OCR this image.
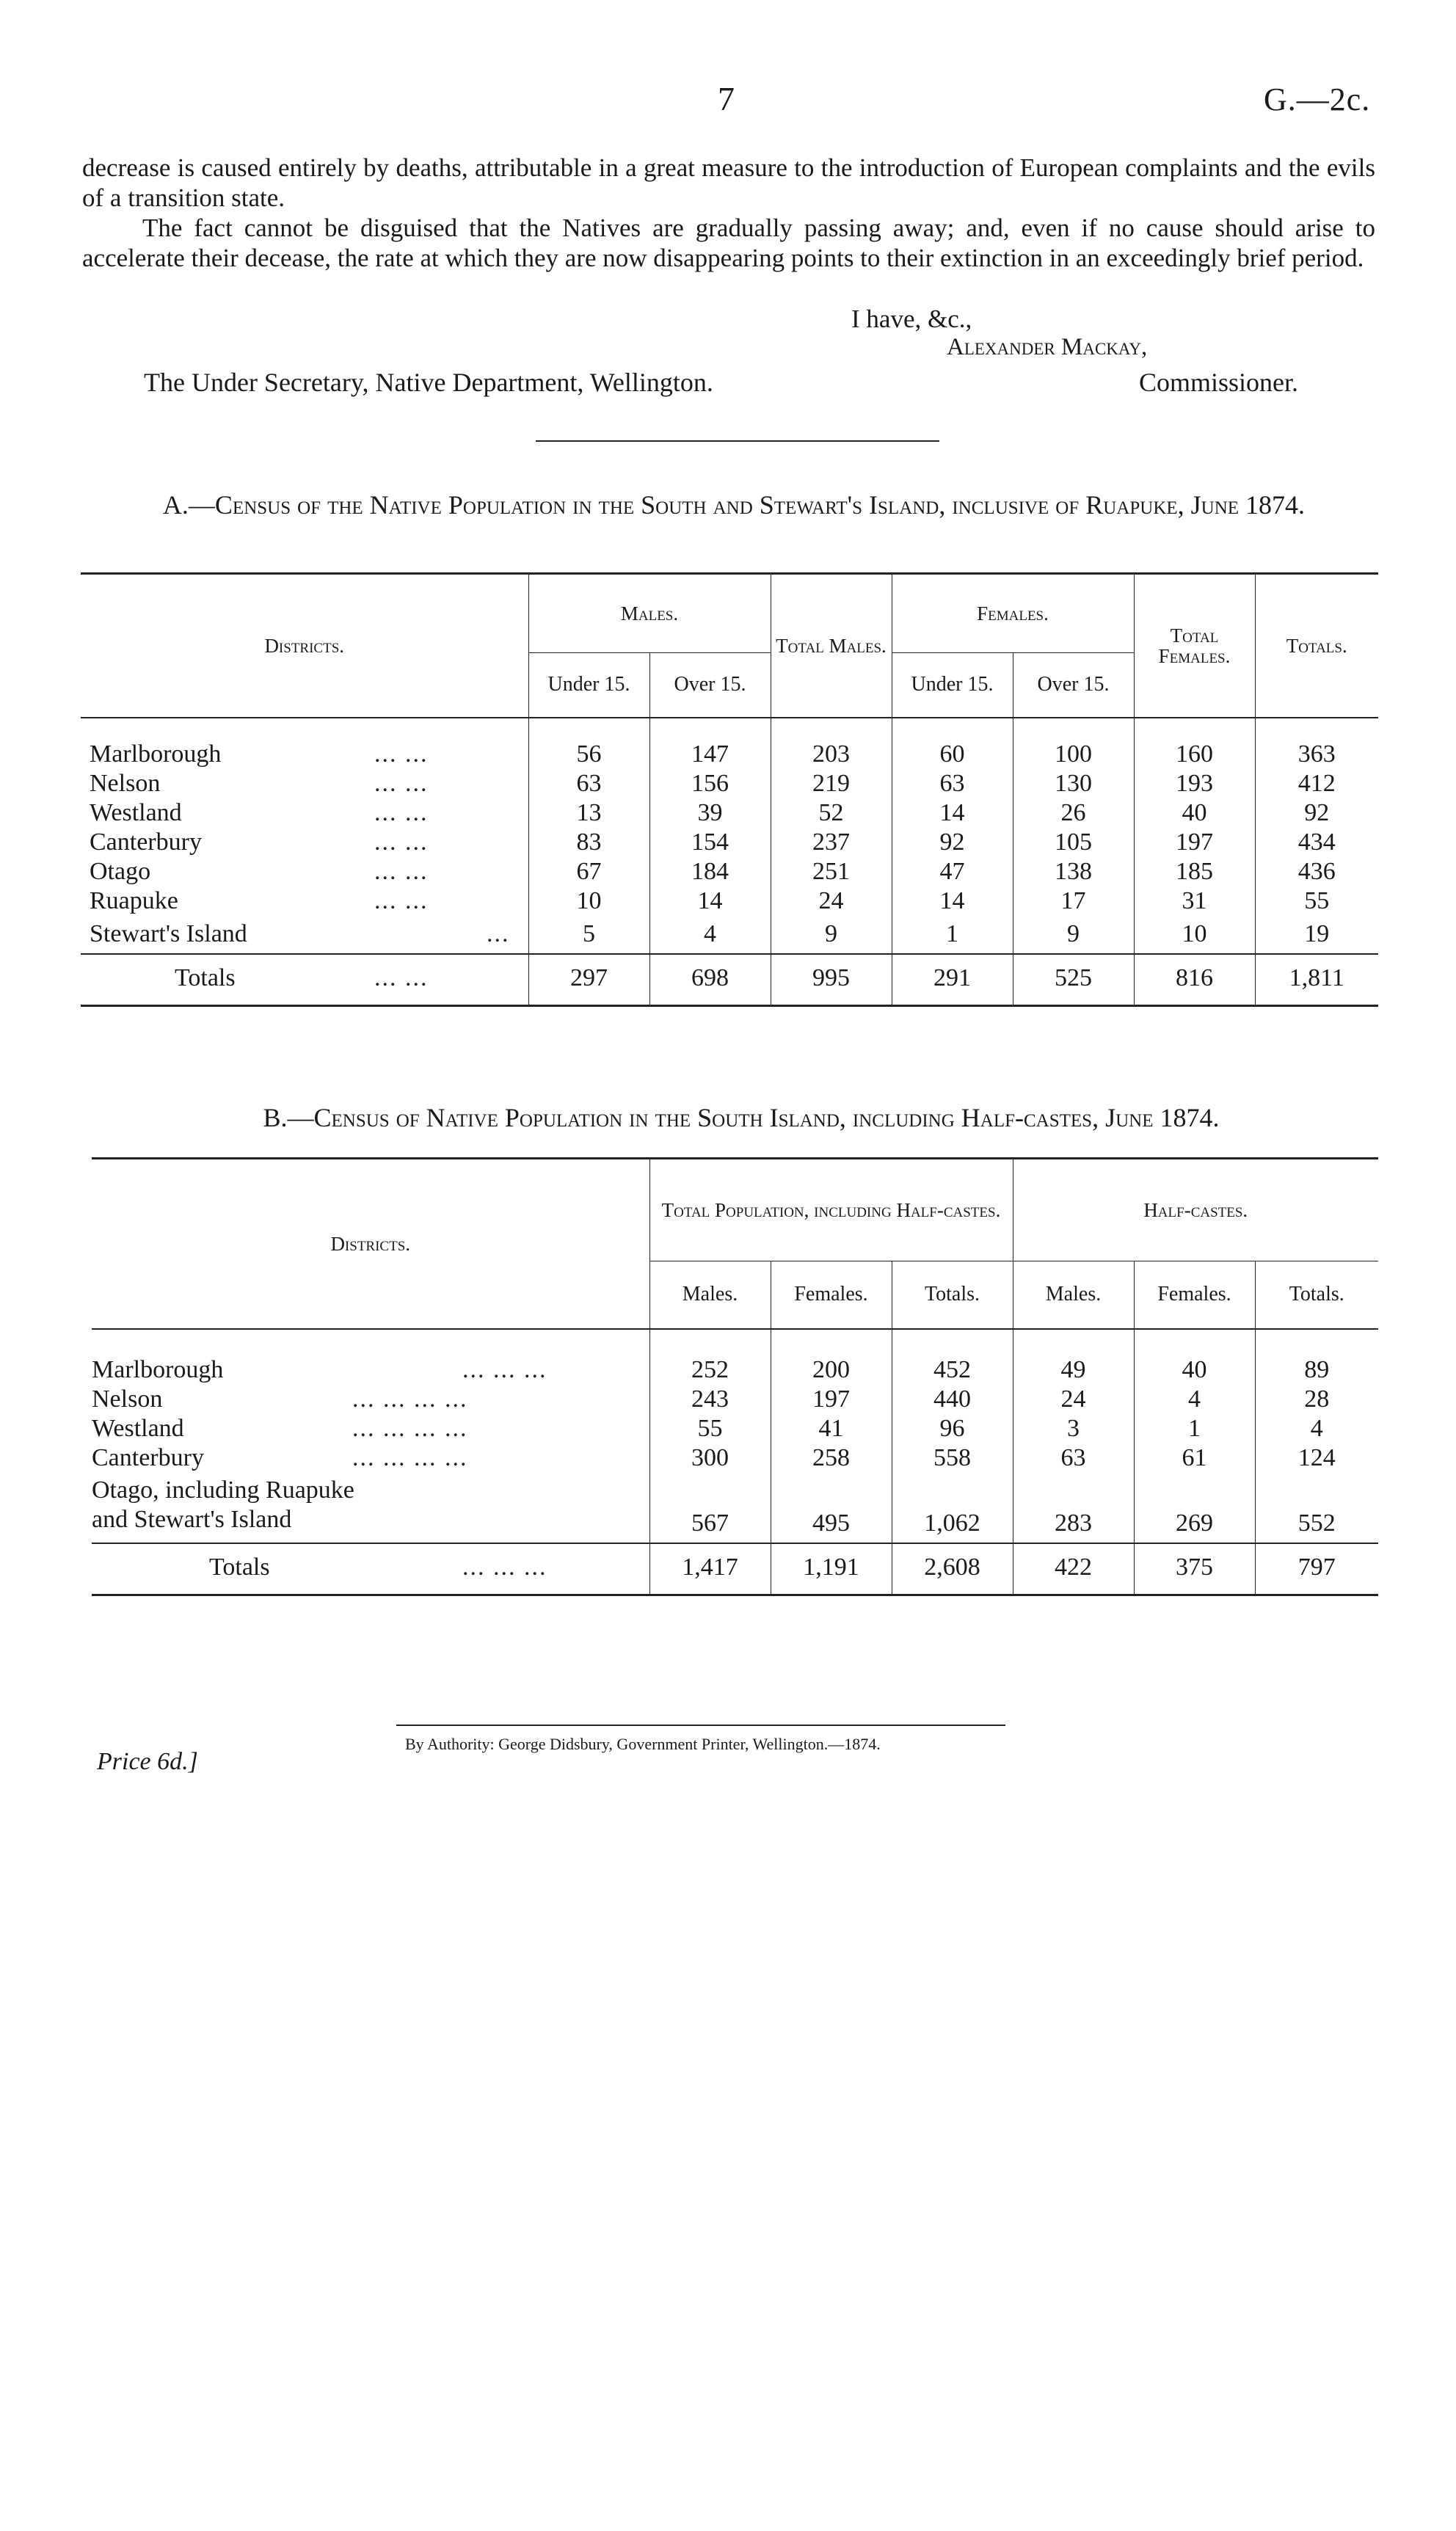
7	G.—2c.
decrease is caused entirely by deaths, attributable in a great measure to the introduction of European complaints and the evils of a transition state.
The fact cannot be disguised that the Natives are gradually passing away; and, even if no cause should arise to accelerate their decease, the rate at which they are now disappearing points to their extinction in an exceedingly brief period.
I have, &c.,
Alexander Mackay,
The Under Secretary, Native Department, Wellington.	Commissioner.
A.—Census of the Native Population in the South and Stewart's Island, inclusive of Ruapuke, June 1874.
Districts.	Males.		Total Males.	Females.		Total Females.	Totals.
	Under 15.	Over 15.		Under 15.	Over 15.		

Marlborough ... ...	56	147	203	60	100	160	363
Nelson ... ...	63	156	219	63	130	193	412
Westland ... ...	13	39	52	14	26	40	92
Canterbury ... ...	83	154	237	92	105	197	434
Otago ... ...	67	184	251	47	138	185	436
Ruapuke ... ...	10	14	24	14	17	31	55
Stewart's Island ...	5	4	9	1	9	10	19
Totals ... ...	297	698	995	291	525	816	1,811
B.—Census of Native Population in the South Island, including Half-castes, June 1874.
Districts.	Total Population, including Half-castes.			Half-castes.		
	Males.	Females.	Totals.	Males.	Females.	Totals.

Marlborough ... ... ...	252	200	452	49	40	89
Nelson ... ... ... ...	243	197	440	24	4	28
Westland ... ... ... ...	55	41	96	3	1	4
Canterbury ... ... ... ...	300	258	558	63	61	124
Otago, including Ruapuke and Stewart's Island	567	495	1,062	283	269	552
Totals ... ... ...	1,417	1,191	2,608	422	375	797
Price 6d.]
By Authority: George Didsbury, Government Printer, Wellington.—1874.
